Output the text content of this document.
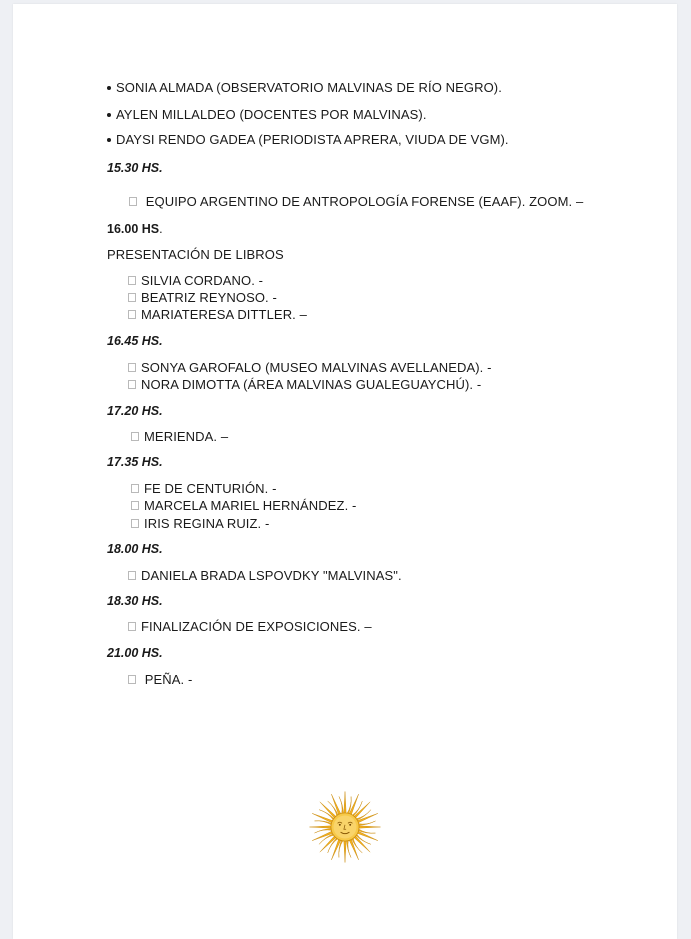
SONIA ALMADA (OBSERVATORIO MALVINAS DE RÍO NEGRO).
AYLEN MILLALDEO (DOCENTES POR MALVINAS).
DAYSI RENDO GADEA (PERIODISTA APRERA, VIUDA DE VGM).
15.30 HS.
EQUIPO ARGENTINO DE ANTROPOLOGÍA FORENSE (EAAF). ZOOM. –
16.00 HS.
PRESENTACIÓN DE LIBROS
SILVIA CORDANO. -
BEATRIZ REYNOSO. -
MARIATERESA DITTLER. –
16.45 HS.
SONYA GAROFALO (MUSEO MALVINAS AVELLANEDA). -
NORA DIMOTTA (ÁREA MALVINAS GUALEGUAYCHÚ). -
17.20 HS.
MERIENDA. –
17.35 HS.
FE DE CENTURIÓN. -
MARCELA MARIEL HERNÁNDEZ. -
IRIS REGINA RUIZ. -
18.00 HS.
DANIELA BRADA LSPOVDKY "MALVINAS".
18.30 HS.
FINALIZACIÓN DE EXPOSICIONES. –
21.00 HS.
PEÑA. -
